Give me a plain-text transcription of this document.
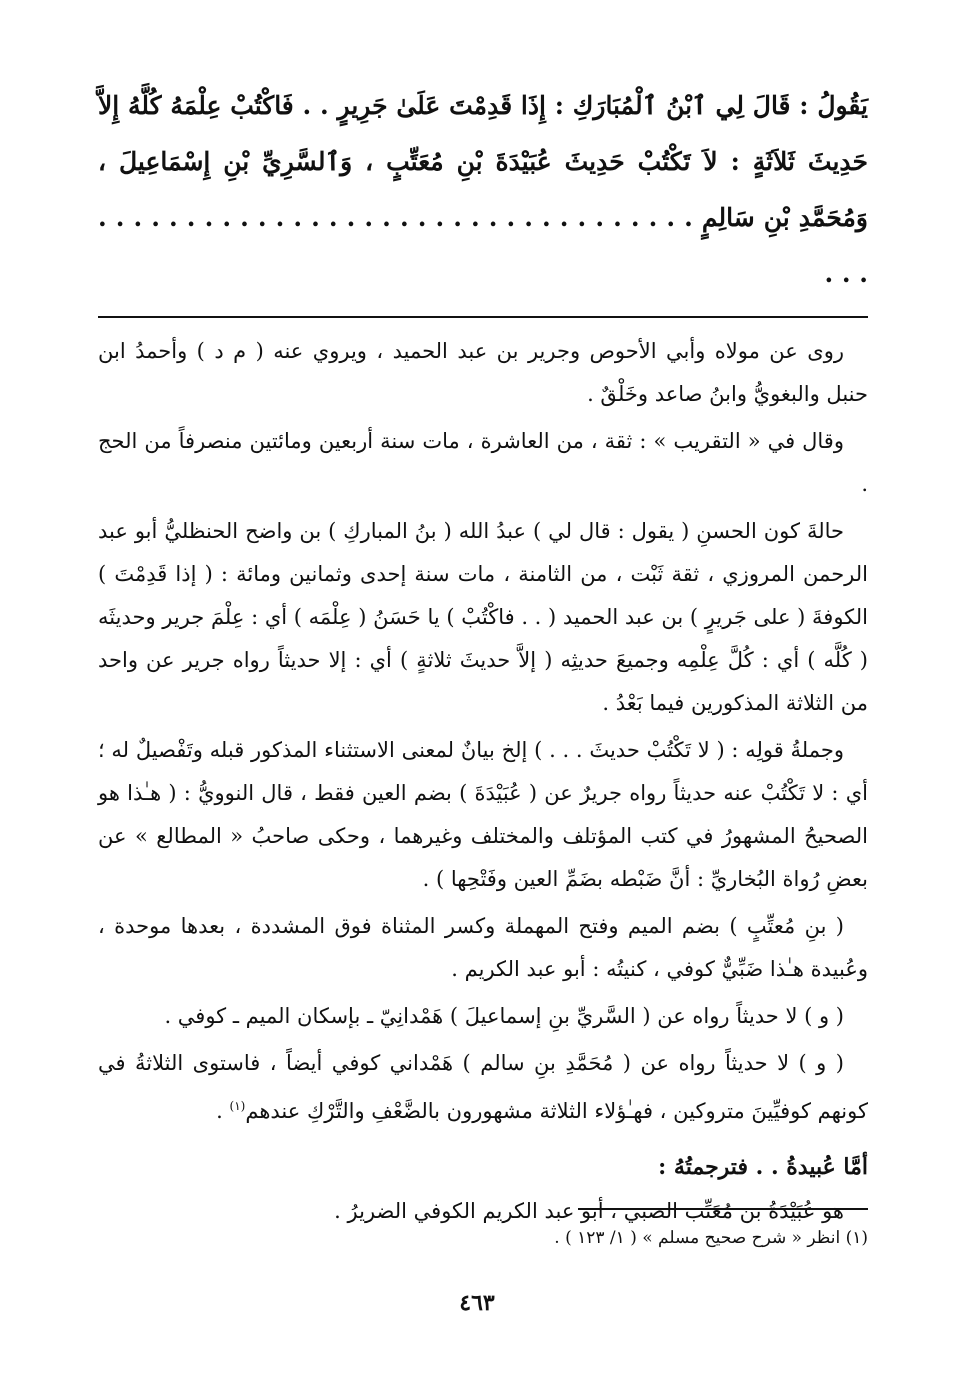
يَقُولُ : قَالَ لِي ٱبْنُ ٱلْمُبَارَكِ : إِذَا قَدِمْتَ عَلَىٰ جَرِيرٍ . . فَاكْتُبْ عِلْمَهُ كُلَّهُ إِلاَّ حَدِيثَ ثَلاَثَةٍ : لاَ تَكْتُبْ حَدِيثَ عُبَيْدَةَ بْنِ مُعَتِّبٍ ، وَٱلسَّرِيِّ بْنِ إِسْمَاعِيلَ ، وَمُحَمَّدِ بْنِ سَالِمٍ . . . . . . . . . . . . . . . . . . . . . . . . . . . . . . . . . . . . .

روى عن مولاه وأبي الأحوص وجرير بن عبد الحميد ، ويروي عنه ( م د ) وأحمدُ ابن حنبل والبغويُّ وابنُ صاعد وخَلْقٌ .

وقال في « التقريب » : ثقة ، من العاشرة ، مات سنة أربعين ومائتين منصرفاً من الحج .

حالةَ كون الحسنِ ( يقول : قال لي ) عبدُ الله ( بنُ المباركِ ) بن واضح الحنظليُّ أبو عبد الرحمن المروزي ، ثقة ثَبْت ، من الثامنة ، مات سنة إحدى وثمانين ومائة : ( إذا قَدِمْتَ ) الكوفةَ ( على جَريرٍ ) بن عبد الحميد ( . . فاكْتُبْ ) يا حَسَنُ ( عِلْمَه ) أي : عِلْمَ جرير وحديثَه ( كُلَّه ) أي : كُلَّ عِلْمِه وجميعَ حديثِه ( إلاَّ حديثَ ثلاثةٍ ) أي : إلا حديثاً رواه جرير عن واحد من الثلاثة المذكورين فيما بَعْدُ .

وجملةُ قولِه : ( لا تَكْتُبْ حديثَ . . . ) إلخ بيانٌ لمعنى الاستثناء المذكور قبله وتَفْصيلٌ له ؛ أي : لا تَكْتُبْ عنه حديثاً رواه جريرٌ عن ( عُبَيْدَةَ ) بضم العين فقط ، قال النوويُّ : ( هـٰذا هو الصحيحُ المشهورُ في كتب المؤتلف والمختلف وغيرهما ، وحكى صاحبُ « المطالع » عن بعضِ رُواة البُخاريِّ : أنَّ ضَبْطه بضَمِّ العين وفَتْحِها ) .

( بنِ مُعتِّبٍ ) بضم الميم وفتح المهملة وكسر المثناة فوق المشددة ، بعدها موحدة ، وعُبيدة هـٰذا ضَبِّيٌّ كوفي ، كنيتُه : أبو عبد الكريم .

( و ) لا حديثاً رواه عن ( السَّريِّ بنِ إسماعيلَ ) هَمْدانِيّ ـ بإسكان الميم ـ كوفي .

( و ) لا حديثاً رواه عن ( مُحَمَّدِ بنِ سالم ) هَمْداني كوفي أيضاً ، فاستوى الثلاثةُ في كونهم كوفيِّينَ متروكين ، فهـٰؤلاء الثلاثة مشهورون بالضَّعْفِ والتَّرْكِ عندهم$^{(١)}$ .

أمَّا عُبيدةُ . . فترجمتُهُ :

هو عُبَيْدَةُ بن مُعَتِّب الضبي ، أبو عبد الكريم الكوفي الضريرُ .

(١) انظر « شرح صحيح مسلم » ( ١/ ١٢٣ ) .

٤٦٣
